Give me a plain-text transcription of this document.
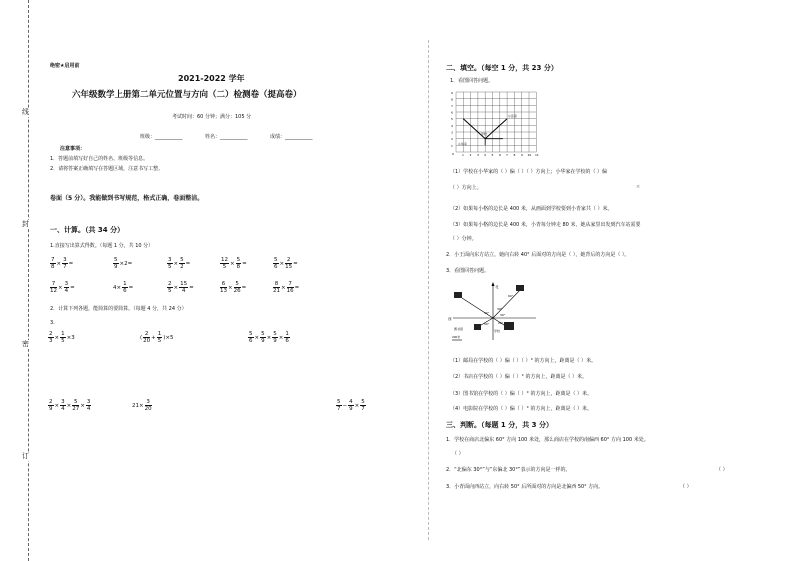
线
封
密
订
绝密★启用前
2021-2022 学年
六年级数学上册第二单元位置与方向（二）检测卷（提高卷）
考试时间：60 分钟；满分：105 分
班级：___________	姓名：___________	成绩：___________
注意事项：
1．答题前填写好自己的姓名、班级等信息。
2．请将答案正确填写在答题区域，注意书写工整。
卷面（5 分）。我能做到书写规范，格式正确，卷面整洁。
一、计算。（共 34 分）
1.直接写出算式得数。（每题 1 分，共 10 分）
$\frac{7}{8} \times \frac{3}{7}$ =	$\frac{5}{9} \times 2=$	$\frac{3}{5} \times \frac{5}{2}$ =	$\frac{12}{5} \times \frac{5}{8}$ =	$\frac{5}{6} \times \frac{2}{15}$ =
$\frac{7}{12} \times \frac{3}{4}$ =	$4\times \frac{1}{6}$ =	$\frac{2}{5} \times \frac{15}{4}$ =	$\frac{6}{13} \times \frac{5}{26}$ =	$\frac{8}{21} \times \frac{7}{16}$ =
2．计算下列各题，能简算的要简算。（每题 4 分，共 24 分）
3.
$\frac{2}{3} \times \frac{1}{5} \times 3$	( $\frac{2}{20} + \frac{1}{5} )\times 5$	$\frac{5}{6} \times \frac{5}{9} \times \frac{5}{9} \times \frac{1}{6}$
$\frac{2}{9} \times \frac{3}{4} \times \frac{5}{27} \times \frac{3}{4}$	$21\times \frac{3}{20}$	$\frac{5}{7} - \frac{4}{9} \times \frac{5}{7}$
二、填空。（每空 1 分，共 23 分）
1．看图回答问题。
小华家
学校
小张家
0	1 2 3 4 5 6 7 8 9 10 11
1
2
3
4
5
6
7
8
9
（1）学校在小华家的（ ）偏（ ）（ ）方向上；小华家在学校的（ ）偏
（ ）方向上。	×
（2）如果每小格的边长是 400 米，从画面到学校要到小青家共（ ）米。
（3）如果每小格的边长是 400 米，小青每分钟走 80 米，她从家里出发到汽车站需要
（ ）分钟。
2．小王面向东方站立，她向右转 40° 后面对的方向是（ ），她背后的方向是（ ）。
3．看图回答问题。
北
西
30°
30°	30°
50°	20°
60°
图书馆	学校
200米
（1）邮局在学校的（ ）偏（ ）（ ）° 的方向上，距离是（ ）米。
（2）书店在学校的（ ）偏（ ）° 的方向上，距离是（ ）米。
（3）图书馆在学校的（ ）偏（ ）° 的方向上，距离是（ ）米。
（4）电影院在学校的（ ）偏（ ）° 的方向上，距离是（ ）米。
三、判断。（每题 1 分，共 3 分）
1．学校在商店北偏东 60° 方向 100 米处，那么商店在学校的南偏西 60° 方向 100 米处。
（ ）
2．“北偏东 30°”与“东偏北 30°”表示的方向是一样的。	（ ）
3．小青面向西站立，向右转 50° 后所面对的方向是北偏西 50° 方向。	（ ）
